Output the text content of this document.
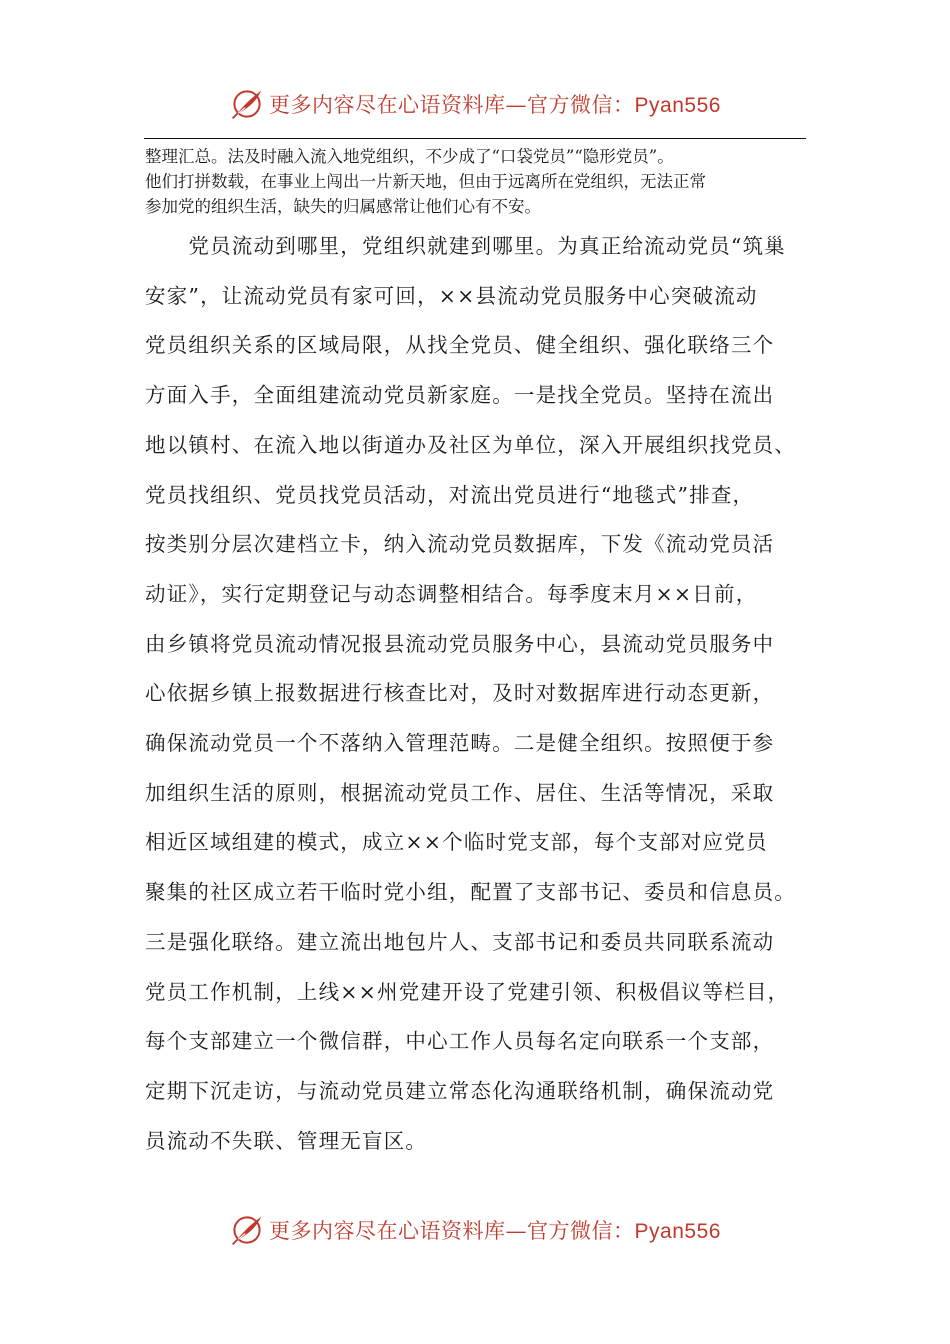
更多内容尽在心语资料库—官方微信：Pyan556
整理汇总。法及时融入流入地党组织，不少成了“口袋党员”“隐形党员”。
他们打拼数载，在事业上闯出一片新天地，但由于远离所在党组织，无法正常
参加党的组织生活，缺失的归属感常让他们心有不安。
　　党员流动到哪里，党组织就建到哪里。为真正给流动党员“筑巢
安家”，让流动党员有家可回，××县流动党员服务中心突破流动
党员组织关系的区域局限，从找全党员、健全组织、强化联络三个
方面入手，全面组建流动党员新家庭。一是找全党员。坚持在流出
地以镇村、在流入地以街道办及社区为单位，深入开展组织找党员、
党员找组织、党员找党员活动，对流出党员进行“地毯式”排查，
按类别分层次建档立卡，纳入流动党员数据库，下发《流动党员活
动证》，实行定期登记与动态调整相结合。每季度末月××日前，
由乡镇将党员流动情况报县流动党员服务中心，县流动党员服务中
心依据乡镇上报数据进行核查比对，及时对数据库进行动态更新，
确保流动党员一个不落纳入管理范畴。二是健全组织。按照便于参
加组织生活的原则，根据流动党员工作、居住、生活等情况，采取
相近区域组建的模式，成立××个临时党支部，每个支部对应党员
聚集的社区成立若干临时党小组，配置了支部书记、委员和信息员。
三是强化联络。建立流出地包片人、支部书记和委员共同联系流动
党员工作机制，上线××州党建开设了党建引领、积极倡议等栏目，
每个支部建立一个微信群，中心工作人员每名定向联系一个支部，
定期下沉走访，与流动党员建立常态化沟通联络机制，确保流动党
员流动不失联、管理无盲区。
更多内容尽在心语资料库—官方微信：Pyan556
